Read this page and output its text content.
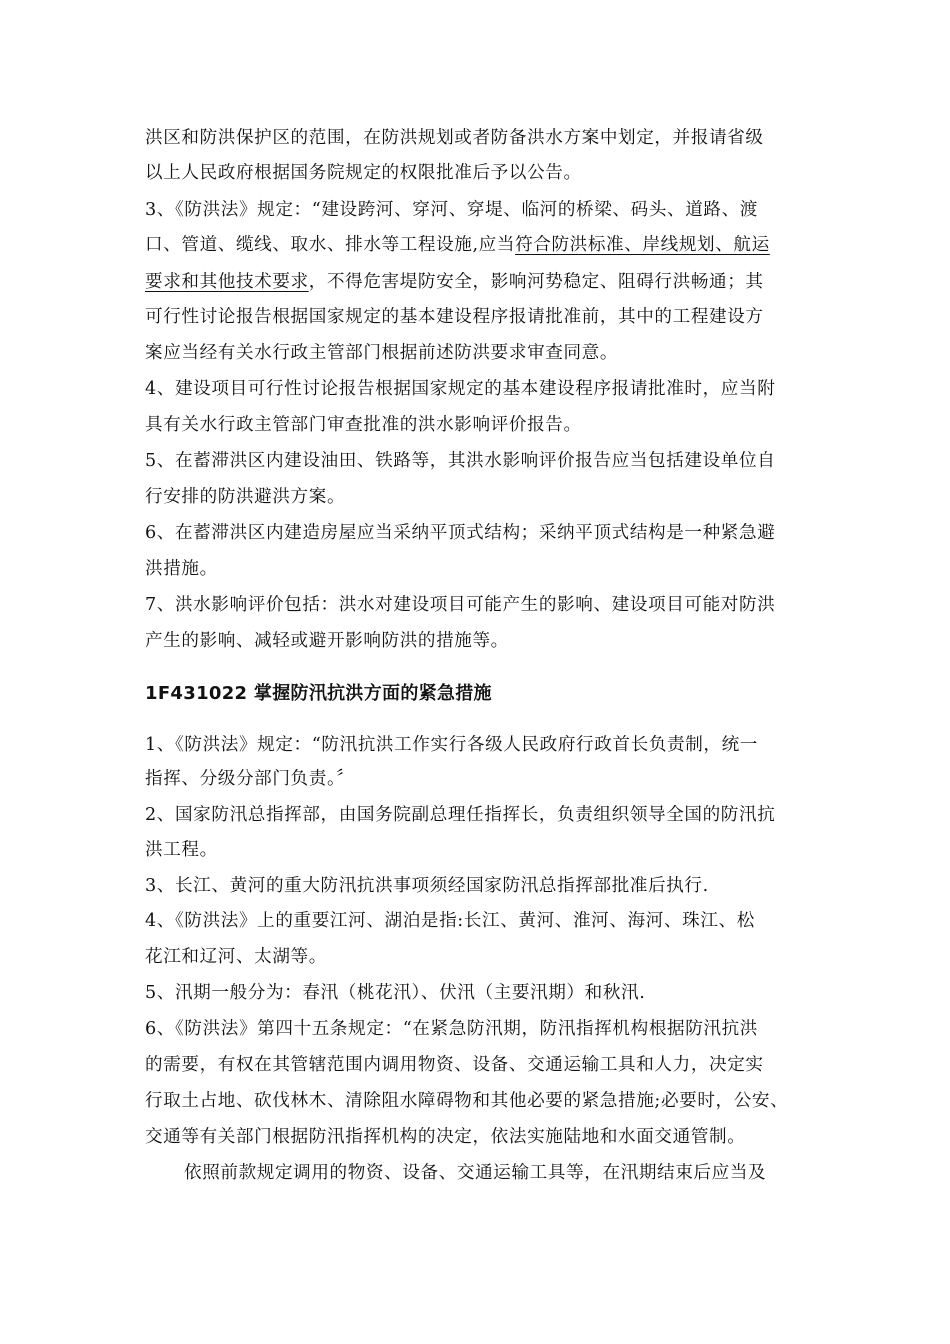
洪区和防洪保护区的范围，在防洪规划或者防备洪水方案中划定，并报请省级
以上人民政府根据国务院规定的权限批准后予以公告。
3、《防洪法》规定：“建设跨河、穿河、穿堤、临河的桥梁、码头、道路、渡
口、管道、缆线、取水、排水等工程设施,应当符合防洪标准、岸线规划、航运
要求和其他技术要求，不得危害堤防安全，影响河势稳定、阻碍行洪畅通；其
可行性讨论报告根据国家规定的基本建设程序报请批准前，其中的工程建设方
案应当经有关水行政主管部门根据前述防洪要求审查同意。
4、建设项目可行性讨论报告根据国家规定的基本建设程序报请批准时，应当附
具有关水行政主管部门审查批准的洪水影响评价报告。
5、在蓄滞洪区内建设油田、铁路等，其洪水影响评价报告应当包括建设单位自
行安排的防洪避洪方案。
6、在蓄滞洪区内建造房屋应当采纳平顶式结构；采纳平顶式结构是一种紧急避
洪措施。
7、洪水影响评价包括：洪水对建设项目可能产生的影响、建设项目可能对防洪
产生的影响、减轻或避开影响防洪的措施等。
1F431022 掌握防汛抗洪方面的紧急措施
1、《防洪法》规定：“防汛抗洪工作实行各级人民政府行政首长负责制，统一
指挥、分级分部门负责。〞
2、国家防汛总指挥部，由国务院副总理任指挥长，负责组织领导全国的防汛抗
洪工程。
3、长江、黄河的重大防汛抗洪事项须经国家防汛总指挥部批准后执行.
4、《防洪法》上的重要江河、湖泊是指:长江、黄河、淮河、海河、珠江、松
花江和辽河、太湖等。
5、汛期一般分为：春汛（桃花汛）、伏汛（主要汛期）和秋汛.
6、《防洪法》第四十五条规定：“在紧急防汛期，防汛指挥机构根据防汛抗洪
的需要，有权在其管辖范围内调用物资、设备、交通运输工具和人力，决定实
行取土占地、砍伐林木、清除阻水障碍物和其他必要的紧急措施;必要时，公安、
交通等有关部门根据防汛指挥机构的决定，依法实施陆地和水面交通管制。
依照前款规定调用的物资、设备、交通运输工具等，在汛期结束后应当及
